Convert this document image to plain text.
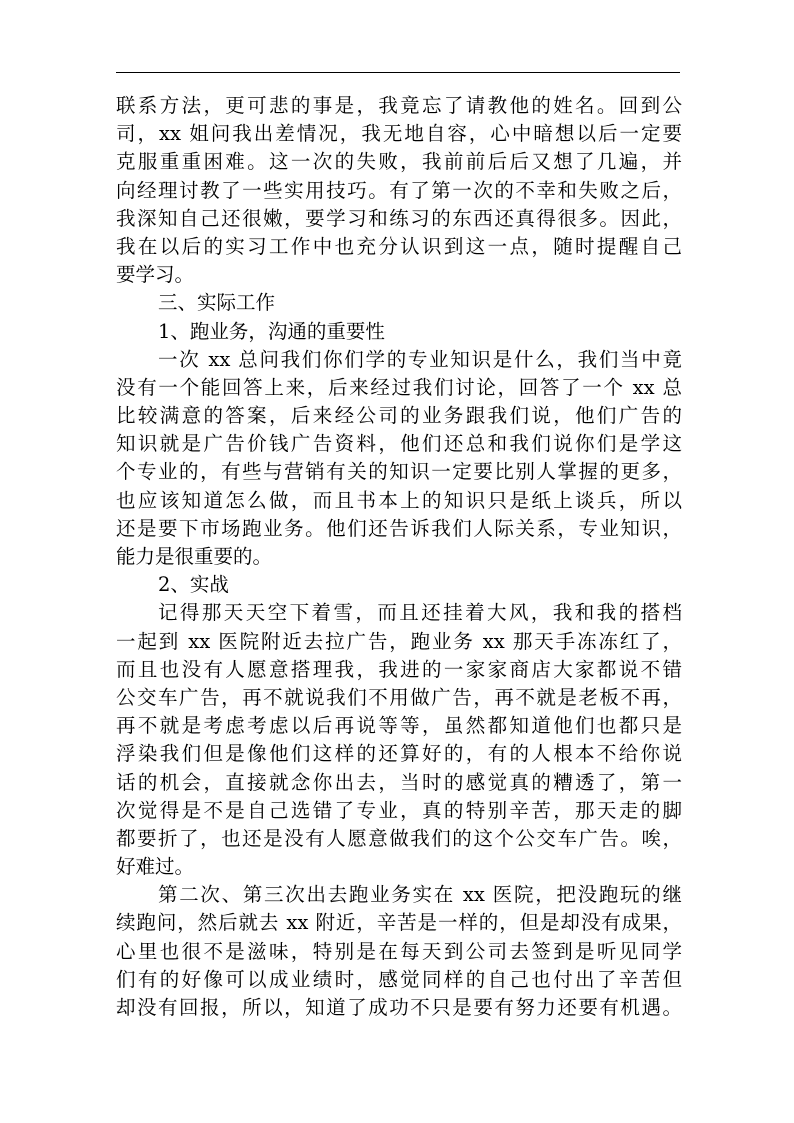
联系方法，更可悲的事是，我竟忘了请教他的姓名。回到公
司，xx 姐问我出差情况，我无地自容，心中暗想以后一定要
克服重重困难。这一次的失败，我前前后后又想了几遍，并
向经理讨教了一些实用技巧。有了第一次的不幸和失败之后，
我深知自己还很嫩，要学习和练习的东西还真得很多。因此，
我在以后的实习工作中也充分认识到这一点，随时提醒自己
要学习。
三、实际工作
1、跑业务，沟通的重要性
一次 xx 总问我们你们学的专业知识是什么，我们当中竟
没有一个能回答上来，后来经过我们讨论，回答了一个 xx 总
比较满意的答案，后来经公司的业务跟我们说，他们广告的
知识就是广告价钱广告资料，他们还总和我们说你们是学这
个专业的，有些与营销有关的知识一定要比别人掌握的更多，
也应该知道怎么做，而且书本上的知识只是纸上谈兵，所以
还是要下市场跑业务。他们还告诉我们人际关系，专业知识，
能力是很重要的。
2、实战
记得那天天空下着雪，而且还挂着大风，我和我的搭档
一起到 xx 医院附近去拉广告，跑业务 xx 那天手冻冻红了，
而且也没有人愿意搭理我，我进的一家家商店大家都说不错
公交车广告，再不就说我们不用做广告，再不就是老板不再，
再不就是考虑考虑以后再说等等，虽然都知道他们也都只是
浮染我们但是像他们这样的还算好的，有的人根本不给你说
话的机会，直接就念你出去，当时的感觉真的糟透了，第一
次觉得是不是自己选错了专业，真的特别辛苦，那天走的脚
都要折了，也还是没有人愿意做我们的这个公交车广告。唉，
好难过。
第二次、第三次出去跑业务实在 xx 医院，把没跑玩的继
续跑问，然后就去 xx 附近，辛苦是一样的，但是却没有成果，
心里也很不是滋味，特别是在每天到公司去签到是听见同学
们有的好像可以成业绩时，感觉同样的自己也付出了辛苦但
却没有回报，所以，知道了成功不只是要有努力还要有机遇。
